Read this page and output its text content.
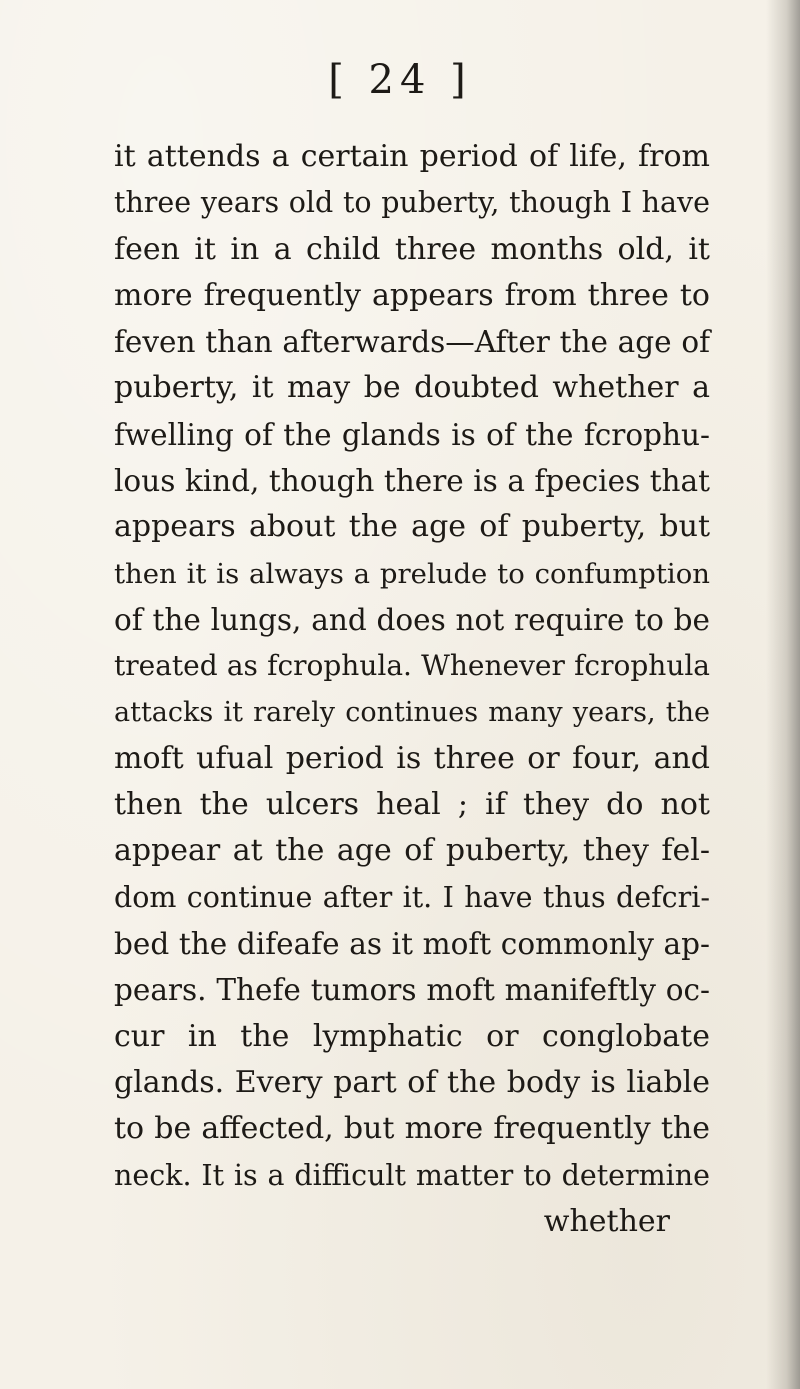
[ 24 ]
it attends a certain period of life, from
three years old to puberty, though I have
feen it in a child three months old, it
more frequently appears from three to
feven than afterwards—After the age of
puberty, it may be doubted whether a
fwelling of the glands is of the fcrophu-
lous kind, though there is a fpecies that
appears about the age of puberty, but
then it is always a prelude to confumption
of the lungs, and does not require to be
treated as fcrophula. Whenever fcrophula
attacks it rarely continues many years, the
moft ufual period is three or four, and
then the ulcers heal ; if they do not
appear at the age of puberty, they fel-
dom continue after it. I have thus defcri-
bed the difeafe as it moft commonly ap-
pears. Thefe tumors moft manifeftly oc-
cur in the lymphatic or conglobate
glands. Every part of the body is liable
to be affected, but more frequently the
neck. It is a difficult matter to determine
whether
